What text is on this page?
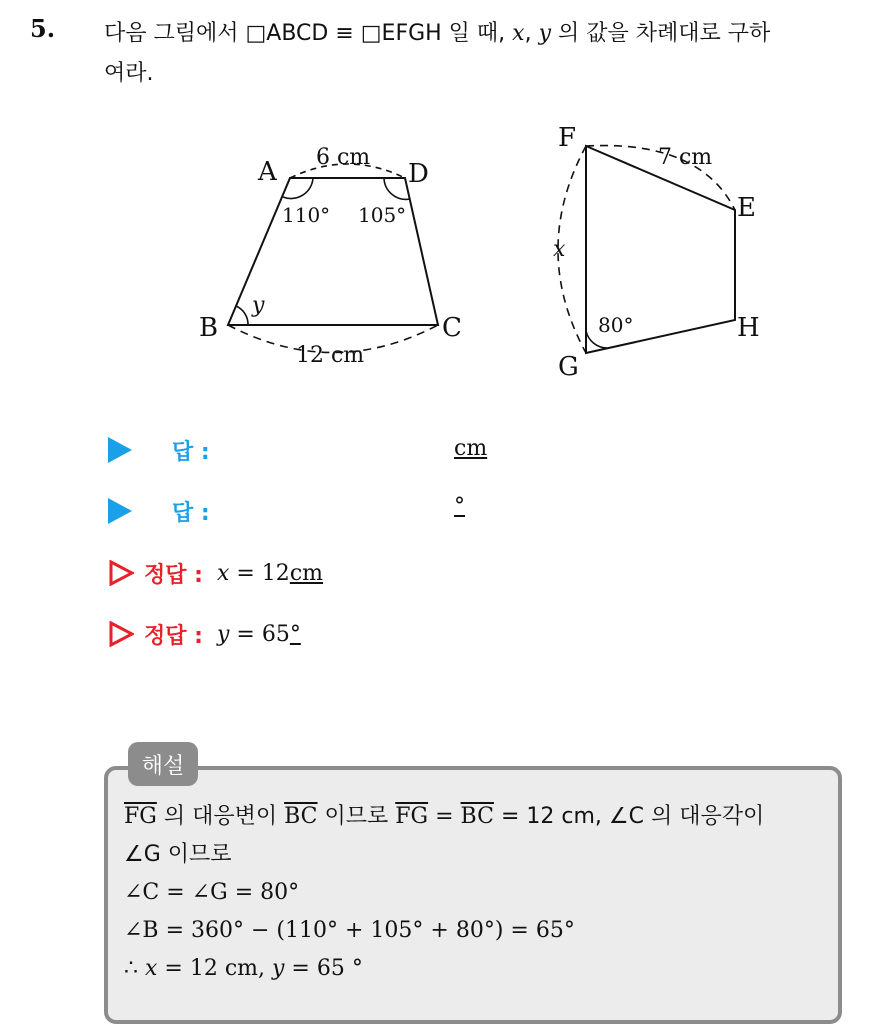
5. 다음 그림에서 □ABCD ≡ □EFGH 일 때, x, y 의 값을 차례대로 구하
여라.
A	D
B	C
6 cm
12 cm
110° 105°
y
F
E
H
G
7 cm
x
80°
답 :	cm
답 :	°
정답 : x = 12cm
정답 : y = 65°
해설
$\overline{FG}$ 의 대응변이 $\overline{BC}$ 이므로 $\overline{FG} = \overline{BC} = 12$ cm, ∠C 의 대응각이
∠G 이므로
∠C = ∠G = 80°
∠B = 360° − (110° + 105° + 80°) = 65°
∴ x = 12 cm, y = 65 °
